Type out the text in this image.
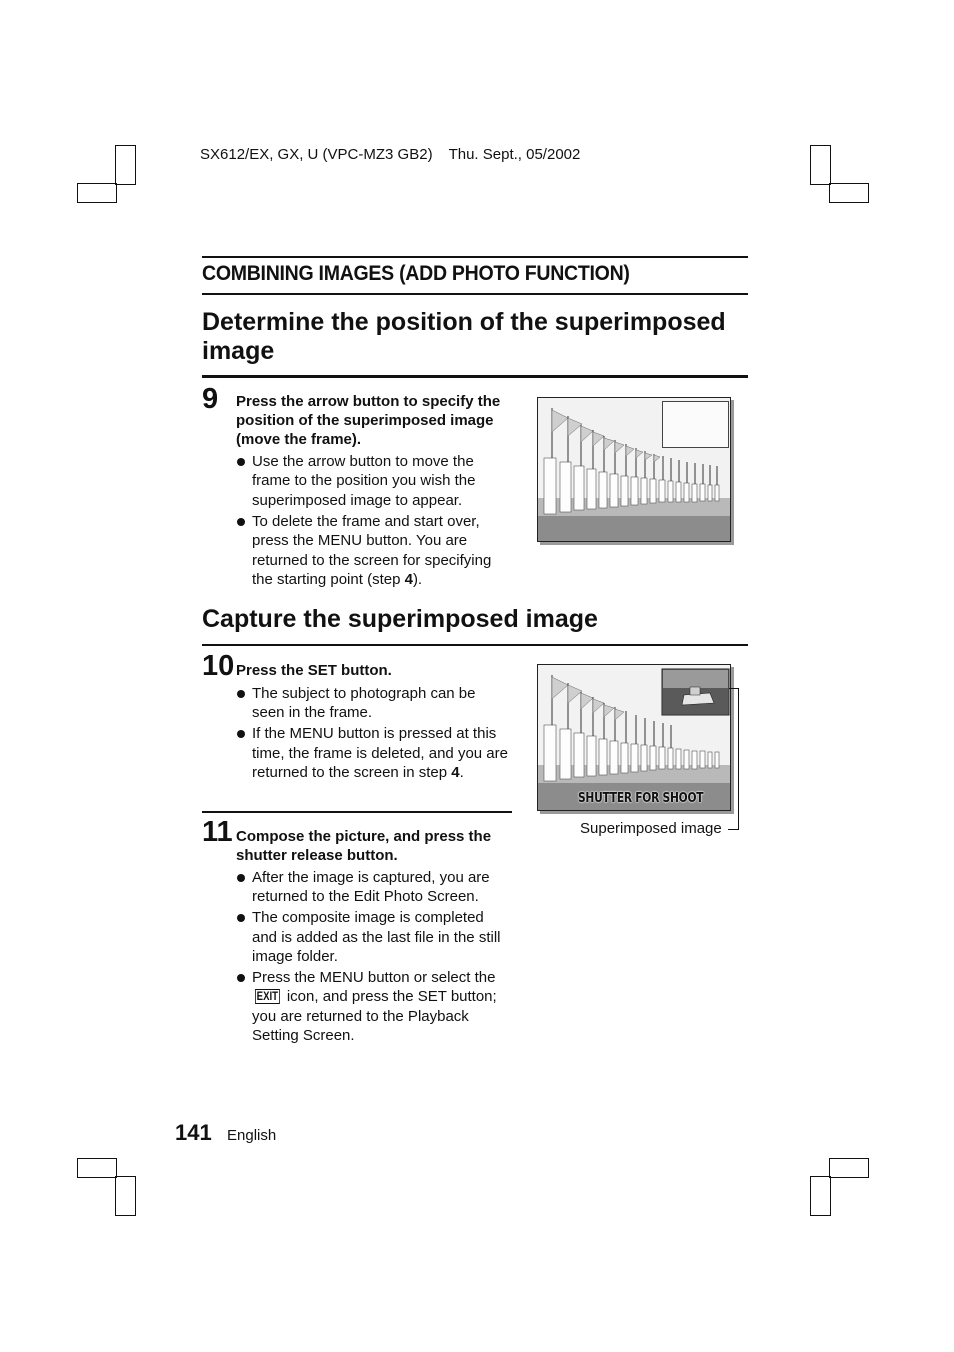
SX612/EX, GX, U (VPC-MZ3 GB2) Thu. Sept., 05/2002
COMBINING IMAGES (ADD PHOTO FUNCTION)
Determine the position of the superimposed image
9 Press the arrow button to specify the position of the superimposed image (move the frame).
Use the arrow button to move the frame to the position you wish the superimposed image to appear.
To delete the frame and start over, press the MENU button. You are returned to the screen for specifying the starting point (step 4).
Capture the superimposed image
10 Press the SET button.
The subject to photograph can be seen in the frame.
If the MENU button is pressed at this time, the frame is deleted, and you are returned to the screen in step 4.
SHUTTER FOR SHOOT
Superimposed image
11 Compose the picture, and press the shutter release button.
After the image is captured, you are returned to the Edit Photo Screen.
The composite image is completed and is added as the last file in the still image folder.
Press the MENU button or select the EXIT icon, and press the SET button; you are returned to the Playback Setting Screen.
141 English
